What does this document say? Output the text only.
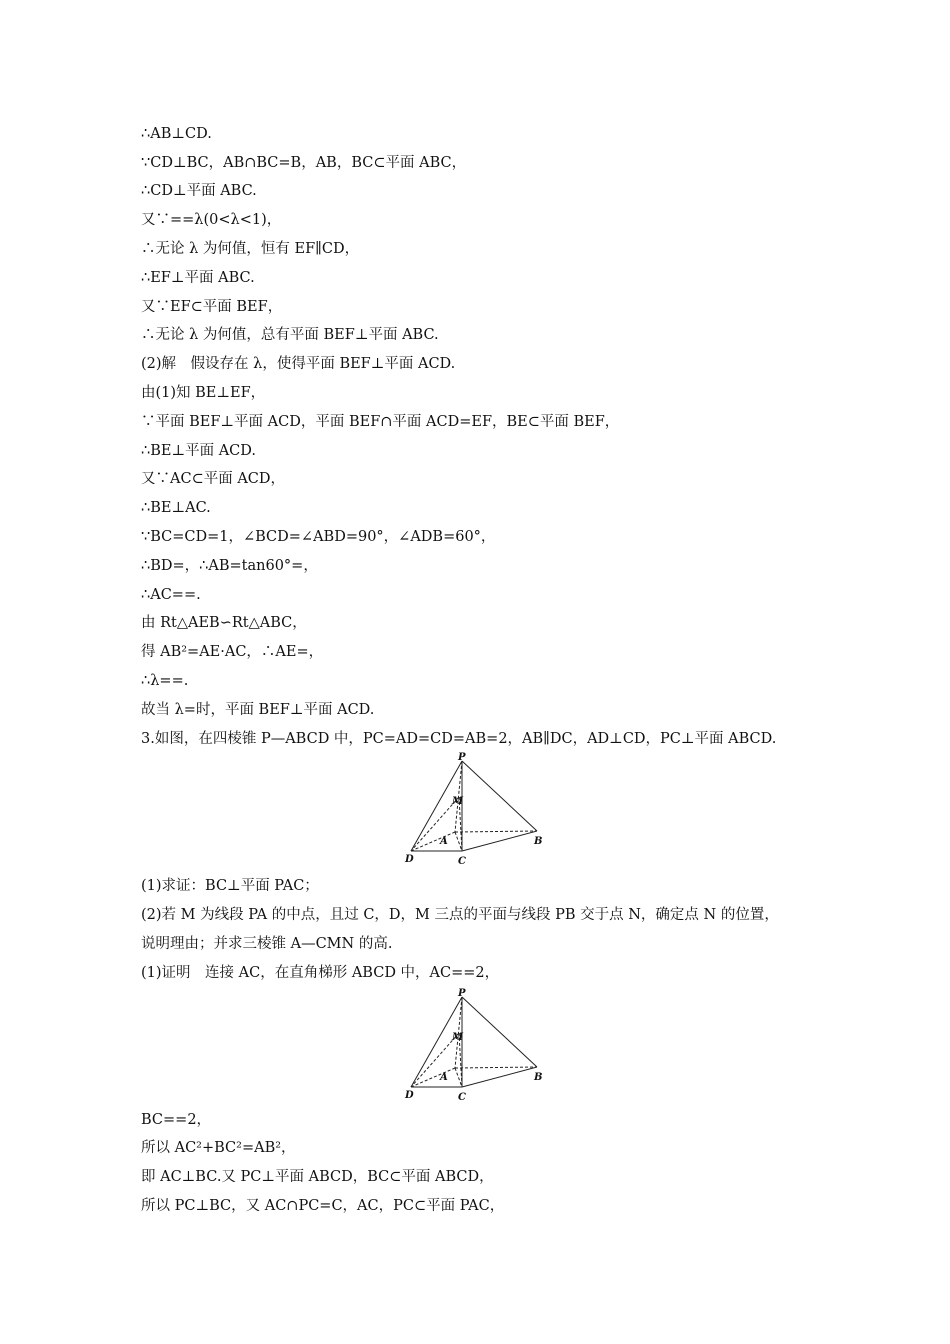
∴AB⊥CD.
∵CD⊥BC，AB∩BC=B，AB，BC⊂平面 ABC，
∴CD⊥平面 ABC.
又∵==λ(0<λ<1)，
∴无论 λ 为何值，恒有 EF∥CD，
∴EF⊥平面 ABC.
又∵EF⊂平面 BEF，
∴无论 λ 为何值，总有平面 BEF⊥平面 ABC.
(2)解　假设存在 λ，使得平面 BEF⊥平面 ACD.
由(1)知 BE⊥EF，
∵平面 BEF⊥平面 ACD，平面 BEF∩平面 ACD=EF，BE⊂平面 BEF，
∴BE⊥平面 ACD.
又∵AC⊂平面 ACD，
∴BE⊥AC.
∵BC=CD=1，∠BCD=∠ABD=90°，∠ADB=60°，
∴BD=，∴AB=tan60°=，
∴AC==.
由 Rt△AEB∽Rt△ABC，
得 AB²=AE·AC，∴AE=，
∴λ==.
故当 λ=时，平面 BEF⊥平面 ACD.
3.如图，在四棱锥 P—ABCD 中，PC=AD=CD=AB=2，AB∥DC，AD⊥CD，PC⊥平面 ABCD.
P
M
A	B
C
D
(1)求证：BC⊥平面 PAC；
(2)若 M 为线段 PA 的中点，且过 C，D，M 三点的平面与线段 PB 交于点 N，确定点 N 的位置，
说明理由；并求三棱锥 A—CMN 的高.
(1)证明　连接 AC，在直角梯形 ABCD 中，AC==2，
P
M
A	B
C
D
BC==2，
所以 AC²+BC²=AB²，
即 AC⊥BC.又 PC⊥平面 ABCD，BC⊂平面 ABCD，
所以 PC⊥BC，又 AC∩PC=C，AC，PC⊂平面 PAC，
